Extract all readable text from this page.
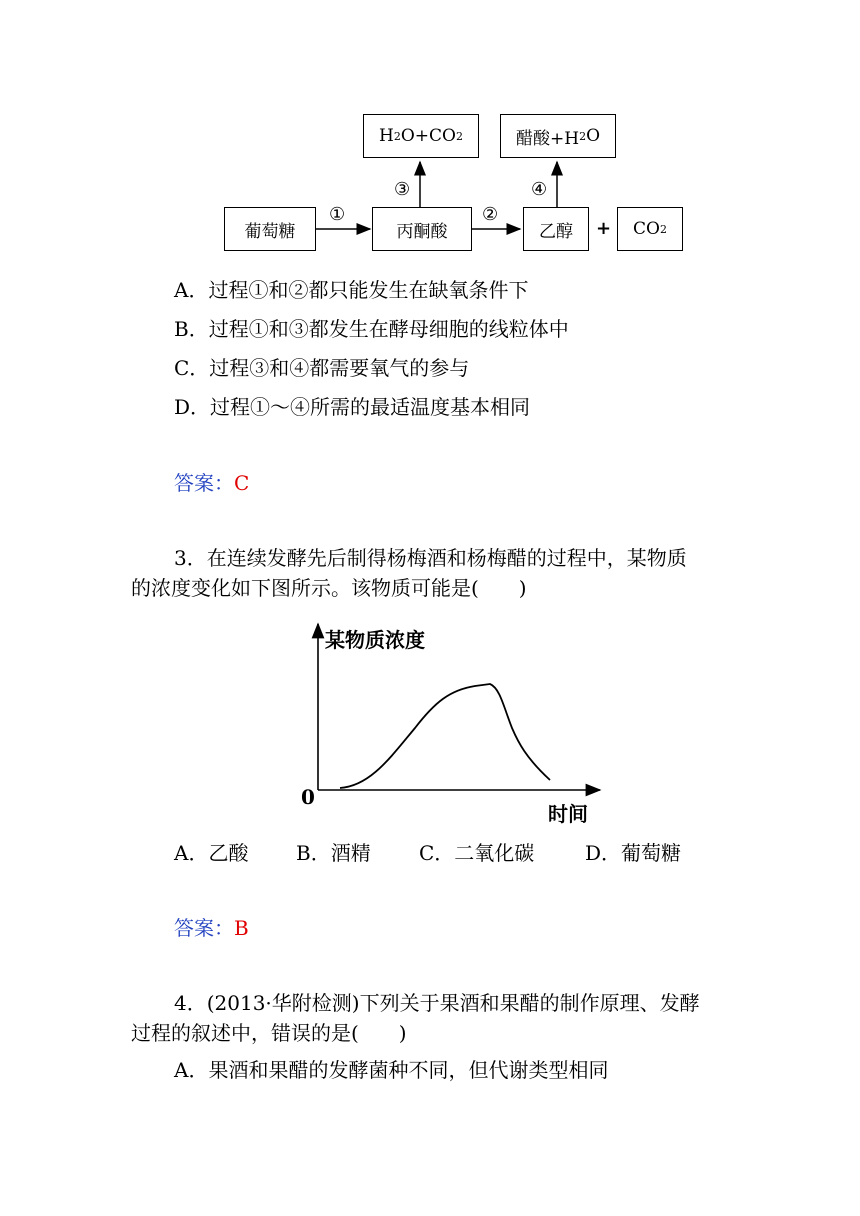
H 2 O+CO 2	醋酸+H 2 O
葡萄糖	丙酮酸	乙醇	CO 2
①	②
③	④
+
A．过程①和②都只能发生在缺氧条件下
B．过程①和③都发生在酵母细胞的线粒体中
C．过程③和④都需要氧气的参与
D．过程①～④所需的最适温度基本相同
答案：C
3．在连续发酵先后制得杨梅酒和杨梅醋的过程中，某物质
的浓度变化如下图所示。该物质可能是(　　)
某物质浓度
0
时间
A．乙酸 B．酒精 C．二氧化碳	D．葡萄糖
答案：B
4．(2013·华附检测)下列关于果酒和果醋的制作原理、发酵
过程的叙述中，错误的是(　　)
A．果酒和果醋的发酵菌种不同，但代谢类型相同
